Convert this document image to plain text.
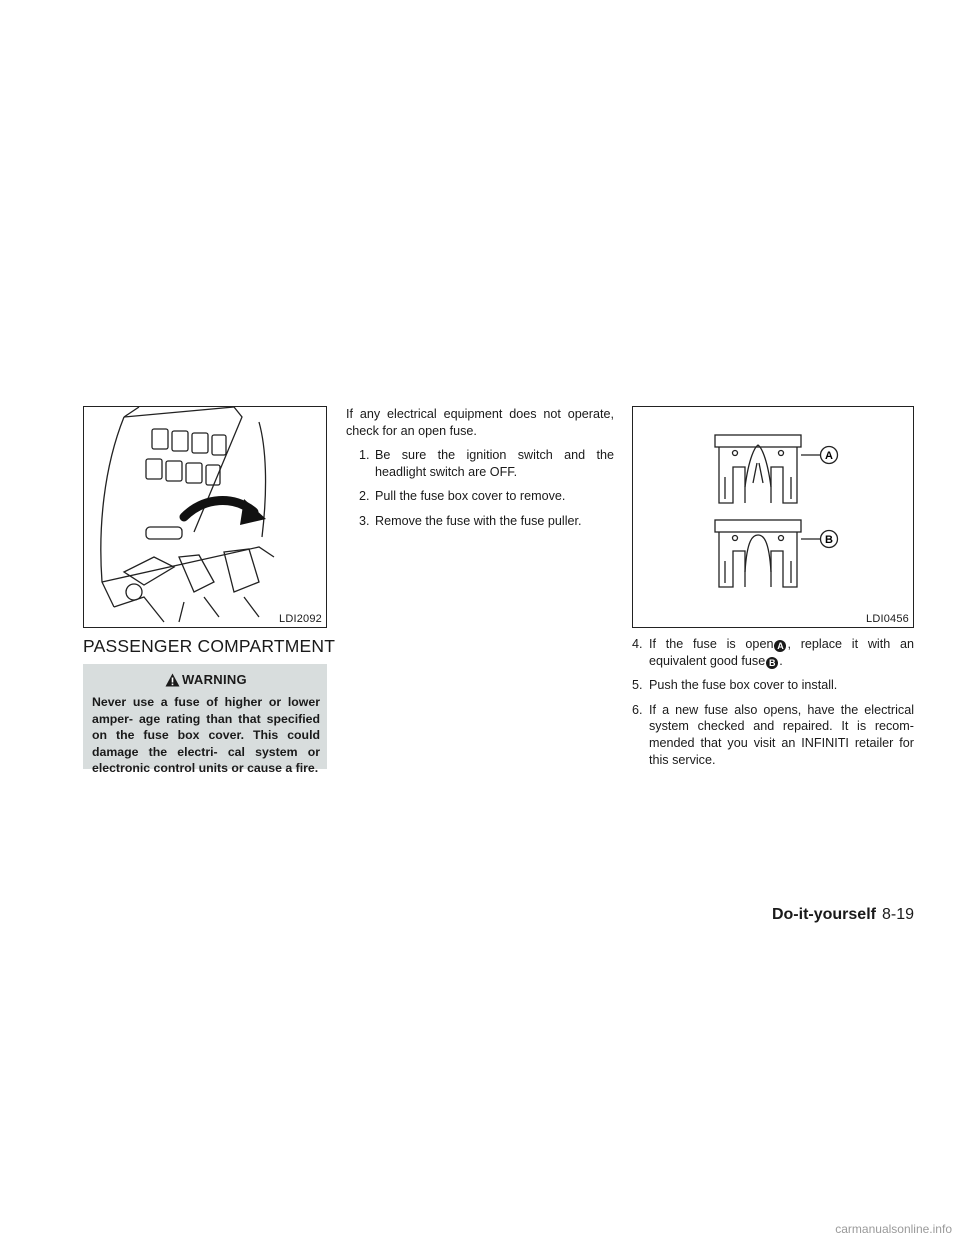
LDI2092
A
B
LDI0456
PASSENGER COMPARTMENT
WARNING
Never use a fuse of higher or lower amper- age rating than that specified on the fuse box cover. This could damage the electri- cal system or electronic control units or cause a fire.

If any electrical equipment does not operate, check for an open fuse.

1. Be sure the ignition switch and the headlight switch are OFF.
2. Pull the fuse box cover to remove.
3. Remove the fuse with the fuse puller.
4. If the fuse is open A , replace it with an equivalent good fuse B .
5. Push the fuse box cover to install.
6. If a new fuse also opens, have the electrical system checked and repaired. It is recom- mended that you visit an INFINITI retailer for this service.
Do-it-yourself 8-19
carmanualsonline.info
